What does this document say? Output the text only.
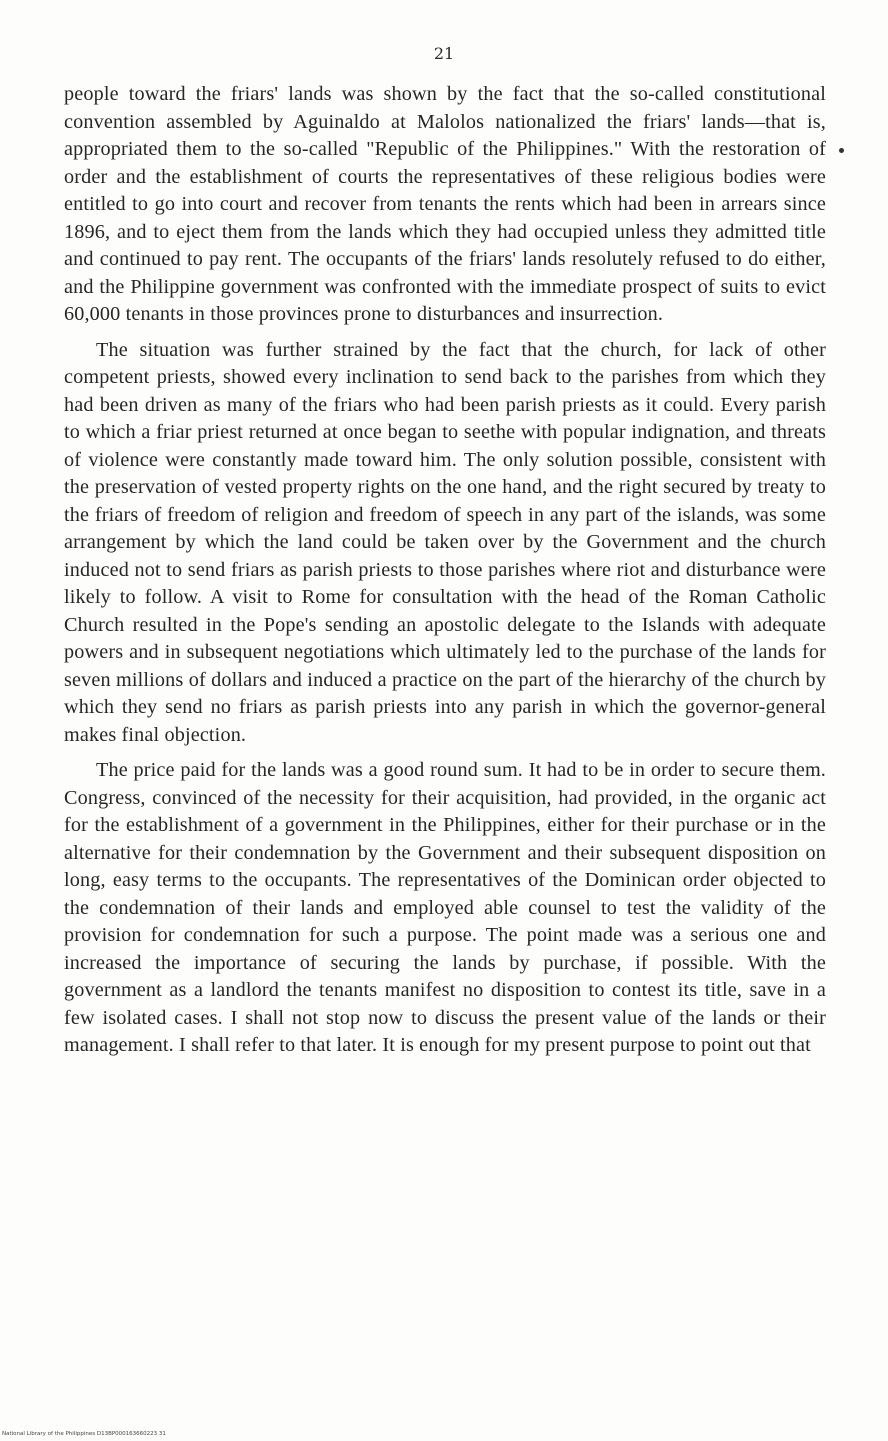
21

people toward the friars' lands was shown by the fact that the so-called constitutional convention assembled by Aguinaldo at Malolos nationalized the friars' lands—that is, appropriated them to the so-called "Republic of the Philippines." With the restoration of order and the establishment of courts the representatives of these religious bodies were entitled to go into court and recover from tenants the rents which had been in arrears since 1896, and to eject them from the lands which they had occupied unless they admitted title and continued to pay rent. The occupants of the friars' lands resolutely refused to do either, and the Philippine government was confronted with the immediate prospect of suits to evict 60,000 tenants in those provinces prone to disturbances and insurrection.

The situation was further strained by the fact that the church, for lack of other competent priests, showed every inclination to send back to the parishes from which they had been driven as many of the friars who had been parish priests as it could. Every parish to which a friar priest returned at once began to seethe with popular indignation, and threats of violence were constantly made toward him. The only solution possible, consistent with the preservation of vested property rights on the one hand, and the right secured by treaty to the friars of freedom of religion and freedom of speech in any part of the islands, was some arrangement by which the land could be taken over by the Government and the church induced not to send friars as parish priests to those parishes where riot and disturbance were likely to follow. A visit to Rome for consultation with the head of the Roman Catholic Church resulted in the Pope's sending an apostolic delegate to the Islands with adequate powers and in subsequent negotiations which ultimately led to the purchase of the lands for seven millions of dollars and induced a practice on the part of the hierarchy of the church by which they send no friars as parish priests into any parish in which the governor-general makes final objection.

The price paid for the lands was a good round sum. It had to be in order to secure them. Congress, convinced of the necessity for their acquisition, had provided, in the organic act for the establishment of a government in the Philippines, either for their purchase or in the alternative for their condemnation by the Government and their subsequent disposition on long, easy terms to the occupants. The representatives of the Dominican order objected to the condemnation of their lands and employed able counsel to test the validity of the provision for condemnation for such a purpose. The point made was a serious one and increased the importance of securing the lands by purchase, if possible. With the government as a landlord the tenants manifest no disposition to contest its title, save in a few isolated cases. I shall not stop now to discuss the present value of the lands or their management. I shall refer to that later. It is enough for my present purpose to point out that

National Library of the Philippines D13BP000163660223 31
